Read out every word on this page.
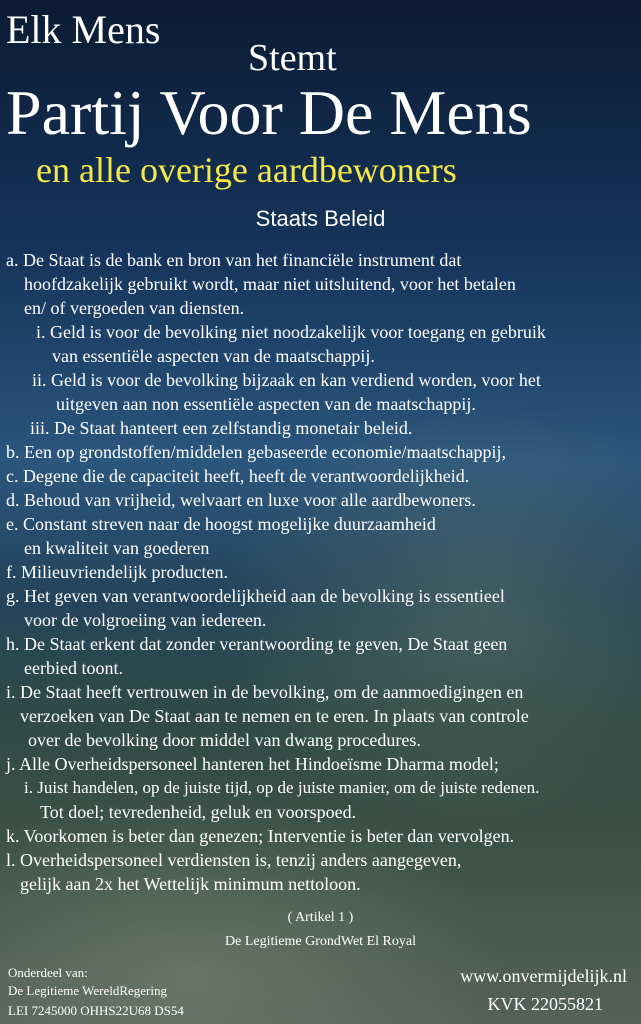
Elk Mens
Stemt
Partij Voor De Mens
en alle overige aardbewoners
Staats Beleid
a. De Staat is de bank en bron van het financiële instrument dat
hoofdzakelijk gebruikt wordt, maar niet uitsluitend, voor het betalen
en/ of vergoeden van diensten.
i. Geld is voor de bevolking niet noodzakelijk voor toegang en gebruik
van essentiële aspecten van de maatschappij.
ii. Geld is voor de bevolking bijzaak en kan verdiend worden, voor het
uitgeven aan non essentiële aspecten van de maatschappij.
iii. De Staat hanteert een zelfstandig monetair beleid.
b. Een op grondstoffen/middelen gebaseerde economie/maatschappij,
c. Degene die de capaciteit heeft, heeft de verantwoordelijkheid.
d. Behoud van vrijheid, welvaart en luxe voor alle aardbewoners.
e. Constant streven naar de hoogst mogelijke duurzaamheid
en kwaliteit van goederen
f. Milieuvriendelijk producten.
g. Het geven van verantwoordelijkheid aan de bevolking is essentieel
voor de volgroeiing van iedereen.
h. De Staat erkent dat zonder verantwoording te geven, De Staat geen
eerbied toont.
i. De Staat heeft vertrouwen in de bevolking, om de aanmoedigingen en
verzoeken van De Staat aan te nemen en te eren. In plaats van controle
over de bevolking door middel van dwang procedures.
j. Alle Overheidspersoneel hanteren het Hindoeïsme Dharma model;
i. Juist handelen, op de juiste tijd, op de juiste manier, om de juiste redenen.
Tot doel; tevredenheid, geluk en voorspoed.
k. Voorkomen is beter dan genezen; Interventie is beter dan vervolgen.
l. Overheidspersoneel verdiensten is, tenzij anders aangegeven,
gelijk aan 2x het Wettelijk minimum nettoloon.
( Artikel 1 )
De Legitieme GrondWet El Royal
Onderdeel van:
De Legitieme WereldRegering
LEI 7245000 OHHS22U68 DS54
www.onvermijdelijk.nl
KVK 22055821
